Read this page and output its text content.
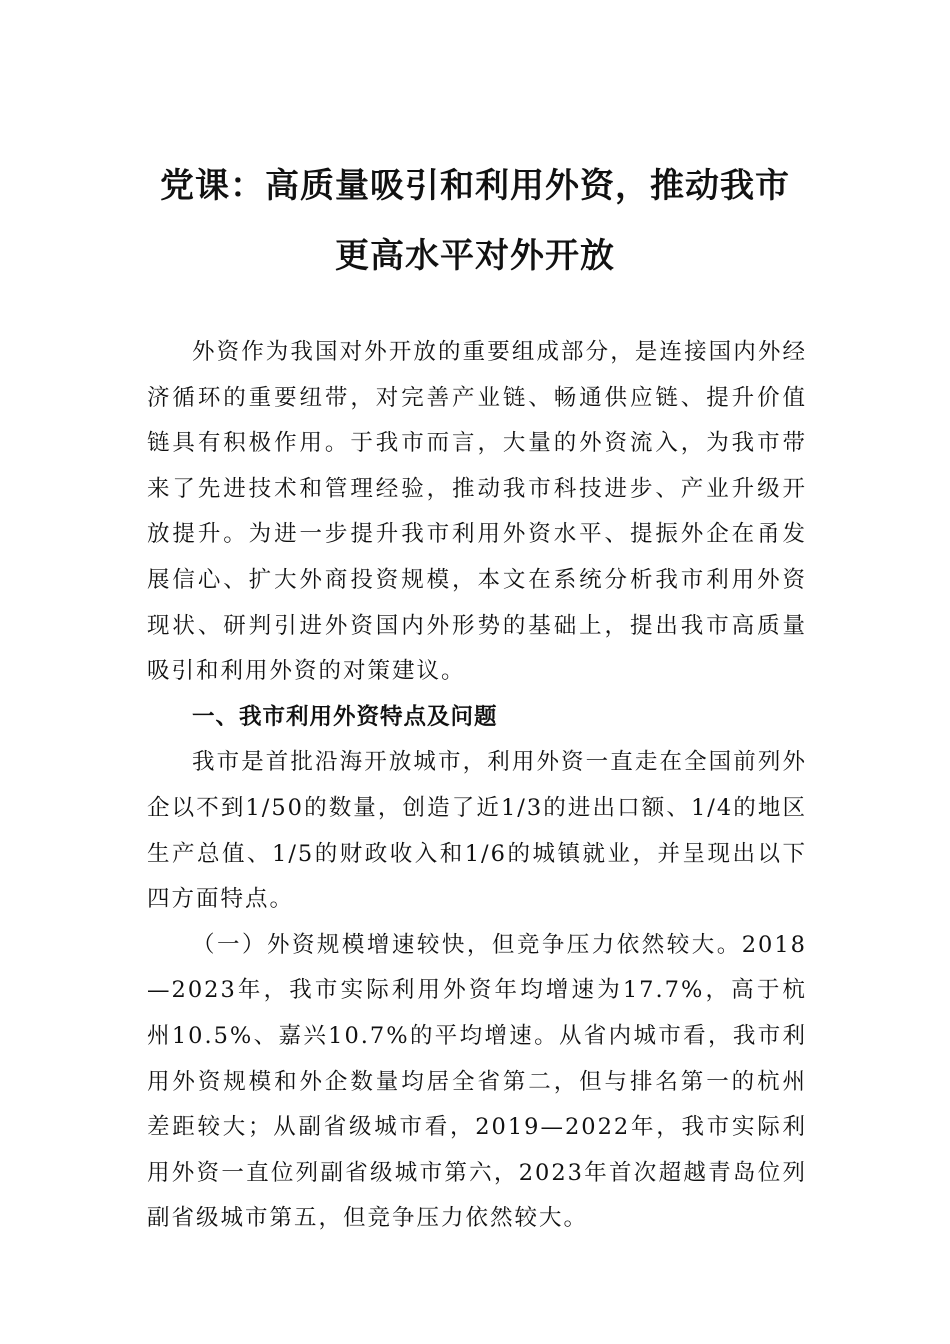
党课：高质量吸引和利用外资，推动我市
更高水平对外开放

外资作为我国对外开放的重要组成部分，是连接国内外经济循环的重要纽带，对完善产业链、畅通供应链、提升价值链具有积极作用。于我市而言，大量的外资流入，为我市带来了先进技术和管理经验，推动我市科技进步、产业升级开放提升。为进一步提升我市利用外资水平、提振外企在甬发展信心、扩大外商投资规模，本文在系统分析我市利用外资现状、研判引进外资国内外形势的基础上，提出我市高质量吸引和利用外资的对策建议。

一、我市利用外资特点及问题

我市是首批沿海开放城市，利用外资一直走在全国前列外企以不到1/50的数量，创造了近1/3的进出口额、1/4的地区生产总值、1/5的财政收入和1/6的城镇就业，并呈现出以下四方面特点。

（一）外资规模增速较快，但竞争压力依然较大。2018—2023年，我市实际利用外资年均增速为17.7%，高于杭州10.5%、嘉兴10.7%的平均增速。从省内城市看，我市利用外资规模和外企数量均居全省第二，但与排名第一的杭州差距较大；从副省级城市看，2019—2022年，我市实际利用外资一直位列副省级城市第六，2023年首次超越青岛位列副省级城市第五，但竞争压力依然较大。
